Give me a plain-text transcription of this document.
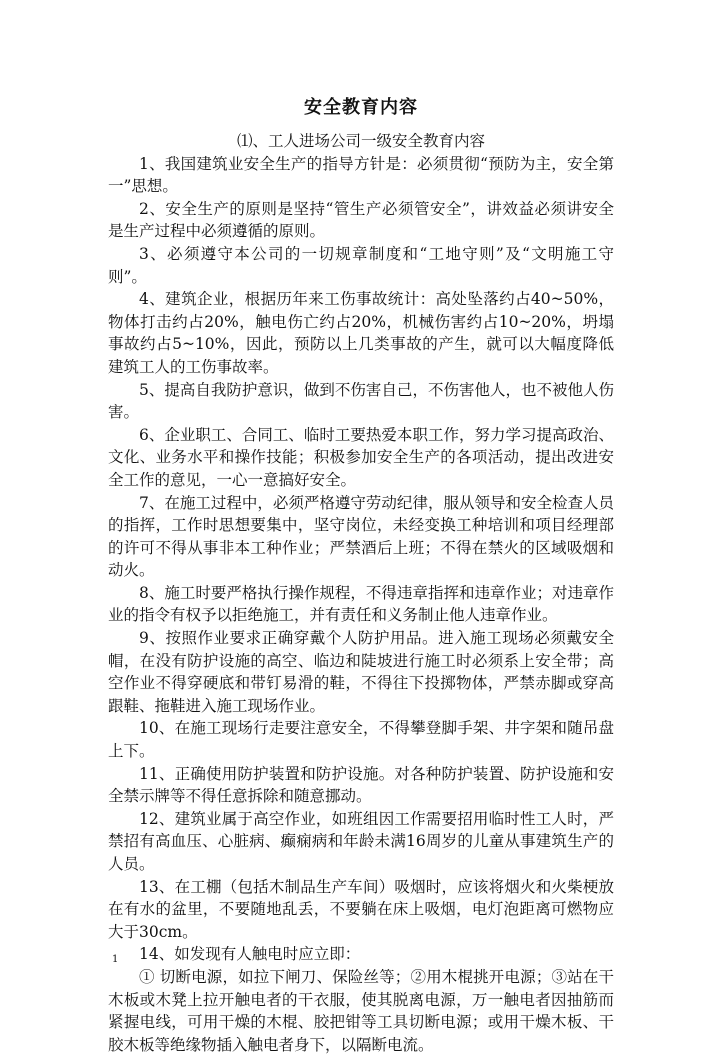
安全教育内容
⑴、工人进场公司一级安全教育内容

1、我国建筑业安全生产的指导方针是：必须贯彻“预防为主，安全第一”思想。

2、安全生产的原则是坚持“管生产必须管安全”，讲效益必须讲安全是生产过程中必须遵循的原则。

3、必须遵守本公司的一切规章制度和“工地守则”及“文明施工守则”。

4、建筑企业，根据历年来工伤事故统计：高处坠落约占40~50%，物体打击约占20%，触电伤亡约占20%，机械伤害约占10~20%，坍塌事故约占5~10%，因此，预防以上几类事故的产生，就可以大幅度降低建筑工人的工伤事故率。

5、提高自我防护意识，做到不伤害自己，不伤害他人，也不被他人伤害。

6、企业职工、合同工、临时工要热爱本职工作，努力学习提高政治、文化、业务水平和操作技能；积极参加安全生产的各项活动，提出改进安全工作的意见，一心一意搞好安全。

7、在施工过程中，必须严格遵守劳动纪律，服从领导和安全检查人员的指挥，工作时思想要集中，坚守岗位，未经变换工种培训和项目经理部的许可不得从事非本工种作业；严禁酒后上班；不得在禁火的区域吸烟和动火。

8、施工时要严格执行操作规程，不得违章指挥和违章作业；对违章作业的指令有权予以拒绝施工，并有责任和义务制止他人违章作业。

9、按照作业要求正确穿戴个人防护用品。进入施工现场必须戴安全帽，在没有防护设施的高空、临边和陡坡进行施工时必须系上安全带；高空作业不得穿硬底和带钉易滑的鞋，不得往下投掷物体，严禁赤脚或穿高跟鞋、拖鞋进入施工现场作业。

10、在施工现场行走要注意安全，不得攀登脚手架、井字架和随吊盘上下。

11、正确使用防护装置和防护设施。对各种防护装置、防护设施和安全禁示牌等不得任意拆除和随意挪动。

12、建筑业属于高空作业，如班组因工作需要招用临时性工人时，严禁招有高血压、心脏病、癫痫病和年龄未满16周岁的儿童从事建筑生产的人员。

13、在工棚（包括木制品生产车间）吸烟时，应该将烟火和火柴梗放在有水的盆里，不要随地乱丢，不要躺在床上吸烟，电灯泡距离可燃物应大于30cm。

14、如发现有人触电时应立即：

① 切断电源，如拉下闸刀、保险丝等；②用木棍挑开电源；③站在干木板或木凳上拉开触电者的干衣服，使其脱离电源，万一触电者因抽筋而紧握电线，可用干燥的木棍、胶把钳等工具切断电源；或用干燥木板、干胶木板等绝缘物插入触电者身下，以隔断电流。

1
